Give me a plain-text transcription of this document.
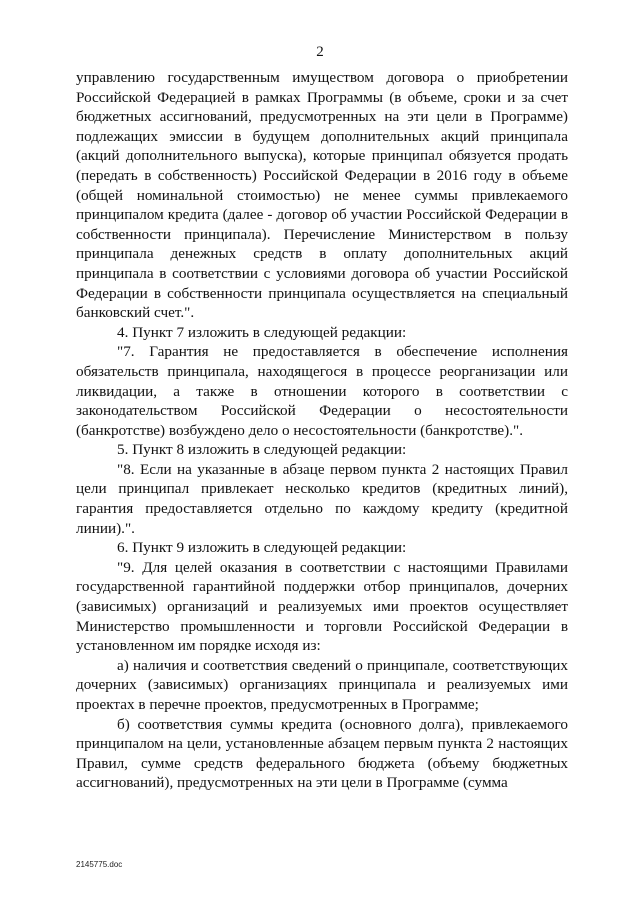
2

управлению государственным имуществом договора о приобретении Российской Федерацией в рамках Программы (в объеме, сроки и за счет бюджетных ассигнований, предусмотренных на эти цели в Программе) подлежащих эмиссии в будущем дополнительных акций принципала (акций дополнительного выпуска), которые принципал обязуется продать (передать в собственность) Российской Федерации в 2016 году в объеме (общей номинальной стоимостью) не менее суммы привлекаемого принципалом кредита (далее - договор об участии Российской Федерации в собственности принципала). Перечисление Министерством в пользу принципала денежных средств в оплату дополнительных акций принципала в соответствии с условиями договора об участии Российской Федерации в собственности принципала осуществляется на специальный банковский счет.".

4. Пункт 7 изложить в следующей редакции:

"7. Гарантия не предоставляется в обеспечение исполнения обязательств принципала, находящегося в процессе реорганизации или ликвидации, а также в отношении которого в соответствии с законодательством Российской Федерации о несостоятельности (банкротстве) возбуждено дело о несостоятельности (банкротстве).".

5. Пункт 8 изложить в следующей редакции:

"8. Если на указанные в абзаце первом пункта 2 настоящих Правил цели принципал привлекает несколько кредитов (кредитных линий), гарантия предоставляется отдельно по каждому кредиту (кредитной линии).".

6. Пункт 9 изложить в следующей редакции:

"9. Для целей оказания в соответствии с настоящими Правилами государственной гарантийной поддержки отбор принципалов, дочерних (зависимых) организаций и реализуемых ими проектов осуществляет Министерство промышленности и торговли Российской Федерации в установленном им порядке исходя из:

а) наличия и соответствия сведений о принципале, соответствующих дочерних (зависимых) организациях принципала и реализуемых ими проектах в перечне проектов, предусмотренных в Программе;

б) соответствия суммы кредита (основного долга), привлекаемого принципалом на цели, установленные абзацем первым пункта 2 настоящих Правил, сумме средств федерального бюджета (объему бюджетных ассигнований), предусмотренных на эти цели в Программе (сумма

2145775.doc
